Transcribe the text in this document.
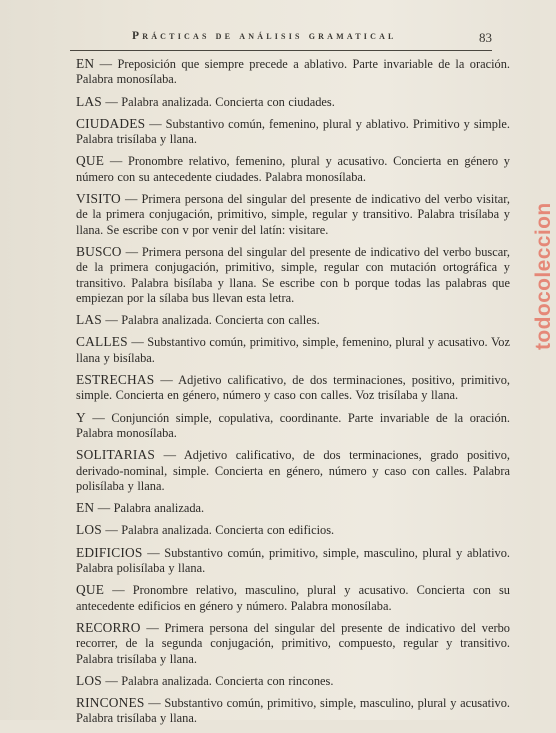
Prácticas de análisis gramatical	83

EN — Preposición que siempre precede a ablativo. Parte invariable de la oración. Palabra monosílaba.

LAS — Palabra analizada. Concierta con ciudades.

CIUDADES — Substantivo común, femenino, plural y ablativo. Primitivo y simple. Palabra trisílaba y llana.

QUE — Pronombre relativo, femenino, plural y acusativo. Concierta en género y número con su antecedente ciudades. Palabra monosílaba.

VISITO — Primera persona del singular del presente de indicativo del verbo visitar, de la primera conjugación, primitivo, simple, regular y transitivo. Palabra trisílaba y llana. Se escribe con v por venir del latín: visitare.

BUSCO — Primera persona del singular del presente de indicativo del verbo buscar, de la primera conjugación, primitivo, simple, regular con mutación ortográfica y transitivo. Palabra bisílaba y llana. Se escribe con b porque todas las palabras que empiezan por la sílaba bus llevan esta letra.

LAS — Palabra analizada. Concierta con calles.

CALLES — Substantivo común, primitivo, simple, femenino, plural y acusativo. Voz llana y bisílaba.

ESTRECHAS — Adjetivo calificativo, de dos terminaciones, positivo, primitivo, simple. Concierta en género, número y caso con calles. Voz trisílaba y llana.

Y — Conjunción simple, copulativa, coordinante. Parte invariable de la oración. Palabra monosílaba.

SOLITARIAS — Adjetivo calificativo, de dos terminaciones, grado positivo, derivado-nominal, simple. Concierta en género, número y caso con calles. Palabra polisílaba y llana.

EN — Palabra analizada.

LOS — Palabra analizada. Concierta con edificios.

EDIFICIOS — Substantivo común, primitivo, simple, masculino, plural y ablativo. Palabra polisílaba y llana.

QUE — Pronombre relativo, masculino, plural y acusativo. Concierta con su antecedente edificios en género y número. Palabra monosílaba.

RECORRO — Primera persona del singular del presente de indicativo del verbo recorrer, de la segunda conjugación, primitivo, compuesto, regular y transitivo. Palabra trisílaba y llana.

LOS — Palabra analizada. Concierta con rincones.

RINCONES — Substantivo común, primitivo, simple, masculino, plural y acusativo. Palabra trisílaba y llana.

todocoleccion
